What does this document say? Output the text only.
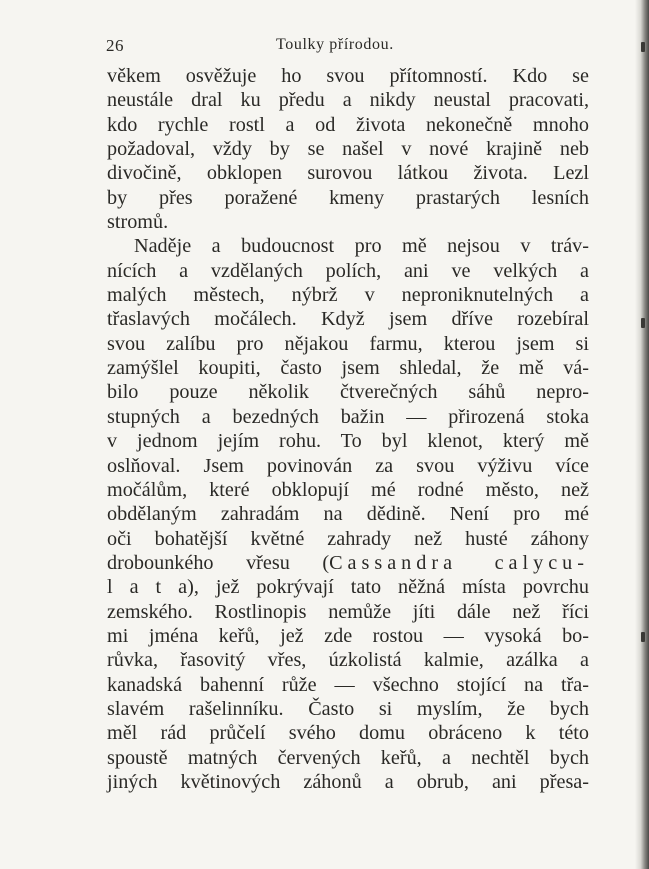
26	Toulky přírodou.
věkem osvěžuje ho svou přítomností. Kdo se
neustále dral ku předu a nikdy neustal pracovati,
kdo rychle rostl a od života nekonečně mnoho
požadoval, vždy by se našel v nové krajině neb
divočině, obklopen surovou látkou života. Lezl
by přes poražené kmeny prastarých lesních
stromů.
Naděje a budoucnost pro mě nejsou v tráv-
nících a vzdělaných polích, ani ve velkých a
malých městech, nýbrž v neproniknutelných a
třaslavých močálech. Když jsem dříve rozebíral
svou zalíbu pro nějakou farmu, kterou jsem si
zamýšlel koupiti, často jsem shledal, že mě vá-
bilo pouze několik čtverečných sáhů nepro-
stupných a bezedných bažin — přirozená stoka
v jednom jejím rohu. To byl klenot, který mě
oslňoval. Jsem povinován za svou výživu více
močálům, které obklopují mé rodné město, než
obdělaným zahradám na dědině. Není pro mé
oči bohatější květné zahrady než husté záhony
drobounkého vřesu (Cassandra calycu-
l a t a), jež pokrývají tato něžná místa povrchu
zemského. Rostlinopis nemůže jíti dále než říci
mi jména keřů, jež zde rostou — vysoká bo-
růvka, řasovitý vřes, úzkolistá kalmie, azálka a
kanadská bahenní růže — všechno stojící na třa-
slavém rašelinníku. Často si myslím, že bych
měl rád průčelí svého domu obráceno k této
spoustě matných červených keřů, a nechtěl bych
jiných květinových záhonů a obrub, ani přesa-
